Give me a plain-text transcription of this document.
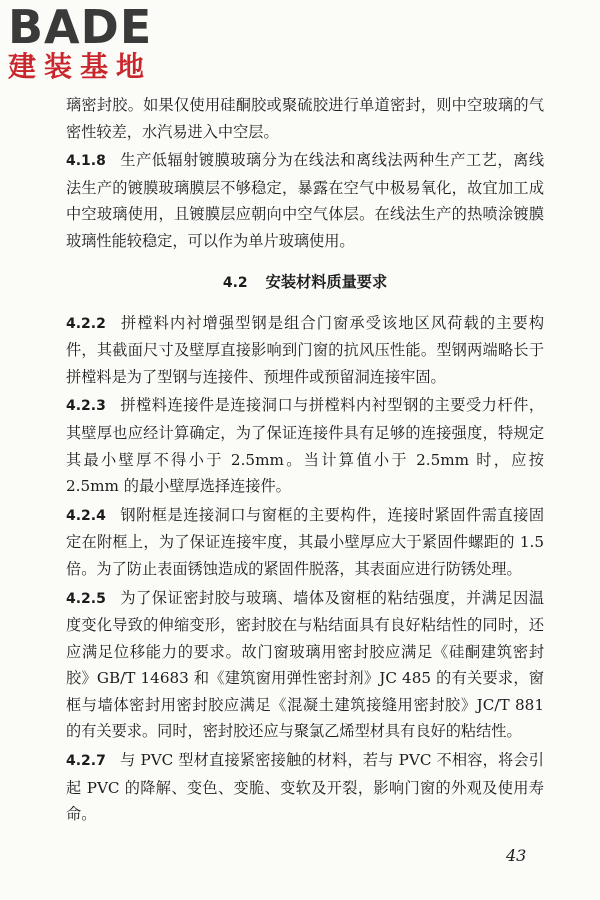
BADE
建装基地

璃密封胶。如果仅使用硅酮胶或聚硫胶进行单道密封，则中空玻璃的气密性较差，水汽易进入中空层。

4.1.8 生产低辐射镀膜玻璃分为在线法和离线法两种生产工艺，离线法生产的镀膜玻璃膜层不够稳定，暴露在空气中极易氧化，故宜加工成中空玻璃使用，且镀膜层应朝向中空气体层。在线法生产的热喷涂镀膜玻璃性能较稳定，可以作为单片玻璃使用。

4.2 安装材料质量要求

4.2.2 拼樘料内衬增强型钢是组合门窗承受该地区风荷载的主要构件，其截面尺寸及壁厚直接影响到门窗的抗风压性能。型钢两端略长于拼樘料是为了型钢与连接件、预埋件或预留洞连接牢固。

4.2.3 拼樘料连接件是连接洞口与拼樘料内衬型钢的主要受力杆件，其壁厚也应经计算确定，为了保证连接件具有足够的连接强度，特规定其最小壁厚不得小于 2.5mm。当计算值小于 2.5mm 时，应按 2.5mm 的最小壁厚选择连接件。

4.2.4 钢附框是连接洞口与窗框的主要构件，连接时紧固件需直接固定在附框上，为了保证连接牢度，其最小壁厚应大于紧固件螺距的 1.5 倍。为了防止表面锈蚀造成的紧固件脱落，其表面应进行防锈处理。

4.2.5 为了保证密封胶与玻璃、墙体及窗框的粘结强度，并满足因温度变化导致的伸缩变形，密封胶在与粘结面具有良好粘结性的同时，还应满足位移能力的要求。故门窗玻璃用密封胶应满足《硅酮建筑密封胶》GB/T 14683 和《建筑窗用弹性密封剂》JC 485 的有关要求，窗框与墙体密封用密封胶应满足《混凝土建筑接缝用密封胶》JC/T 881 的有关要求。同时，密封胶还应与聚氯乙烯型材具有良好的粘结性。

4.2.7 与 PVC 型材直接紧密接触的材料，若与 PVC 不相容，将会引起 PVC 的降解、变色、变脆、变软及开裂，影响门窗的外观及使用寿命。

43
